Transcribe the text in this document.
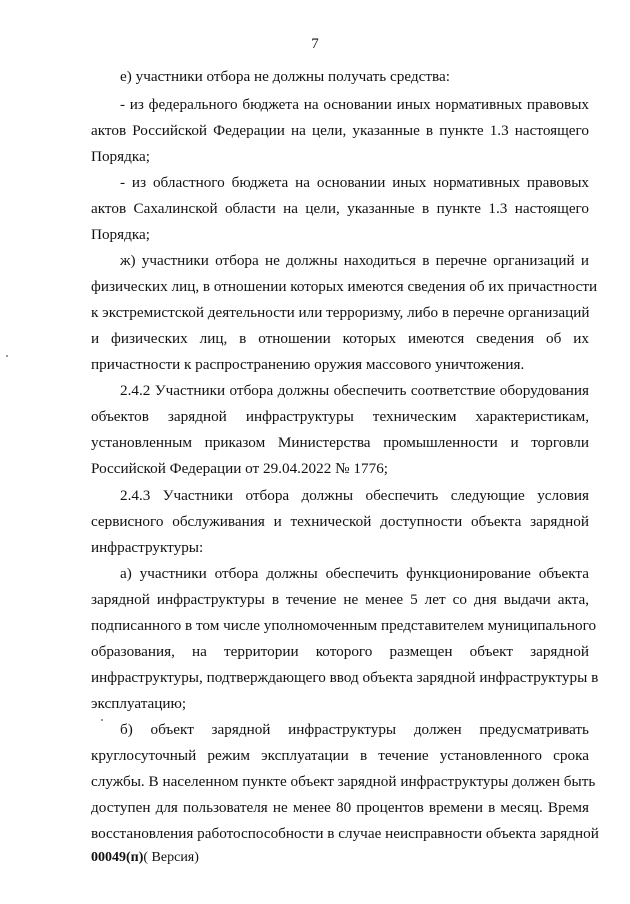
7
е) участники отбора не должны получать средства:
- из федерального бюджета на основании иных нормативных правовых
актов Российской Федерации на цели, указанные в пункте 1.3 настоящего
Порядка;
- из областного бюджета на основании иных нормативных правовых
актов Сахалинской области на цели, указанные в пункте 1.3 настоящего
Порядка;
ж) участники отбора не должны находиться в перечне организаций и
физических лиц, в отношении которых имеются сведения об их причастности
к экстремистской деятельности или терроризму, либо в перечне организаций
и физических лиц, в отношении которых имеются сведения об их
причастности к распространению оружия массового уничтожения.
2.4.2 Участники отбора должны обеспечить соответствие оборудования
объектов зарядной инфраструктуры техническим характеристикам,
установленным приказом Министерства промышленности и торговли
Российской Федерации от 29.04.2022 № 1776;
2.4.3 Участники отбора должны обеспечить следующие условия
сервисного обслуживания и технической доступности объекта зарядной
инфраструктуры:
а) участники отбора должны обеспечить функционирование объекта
зарядной инфраструктуры в течение не менее 5 лет со дня выдачи акта,
подписанного в том числе уполномоченным представителем муниципального
образования, на территории которого размещен объект зарядной
инфраструктуры, подтверждающего ввод объекта зарядной инфраструктуры в
эксплуатацию;
б) объект зарядной инфраструктуры должен предусматривать
круглосуточный режим эксплуатации в течение установленного срока
службы. В населенном пункте объект зарядной инфраструктуры должен быть
доступен для пользователя не менее 80 процентов времени в месяц. Время
восстановления работоспособности в случае неисправности объекта зарядной
00049(п)( Версия)
